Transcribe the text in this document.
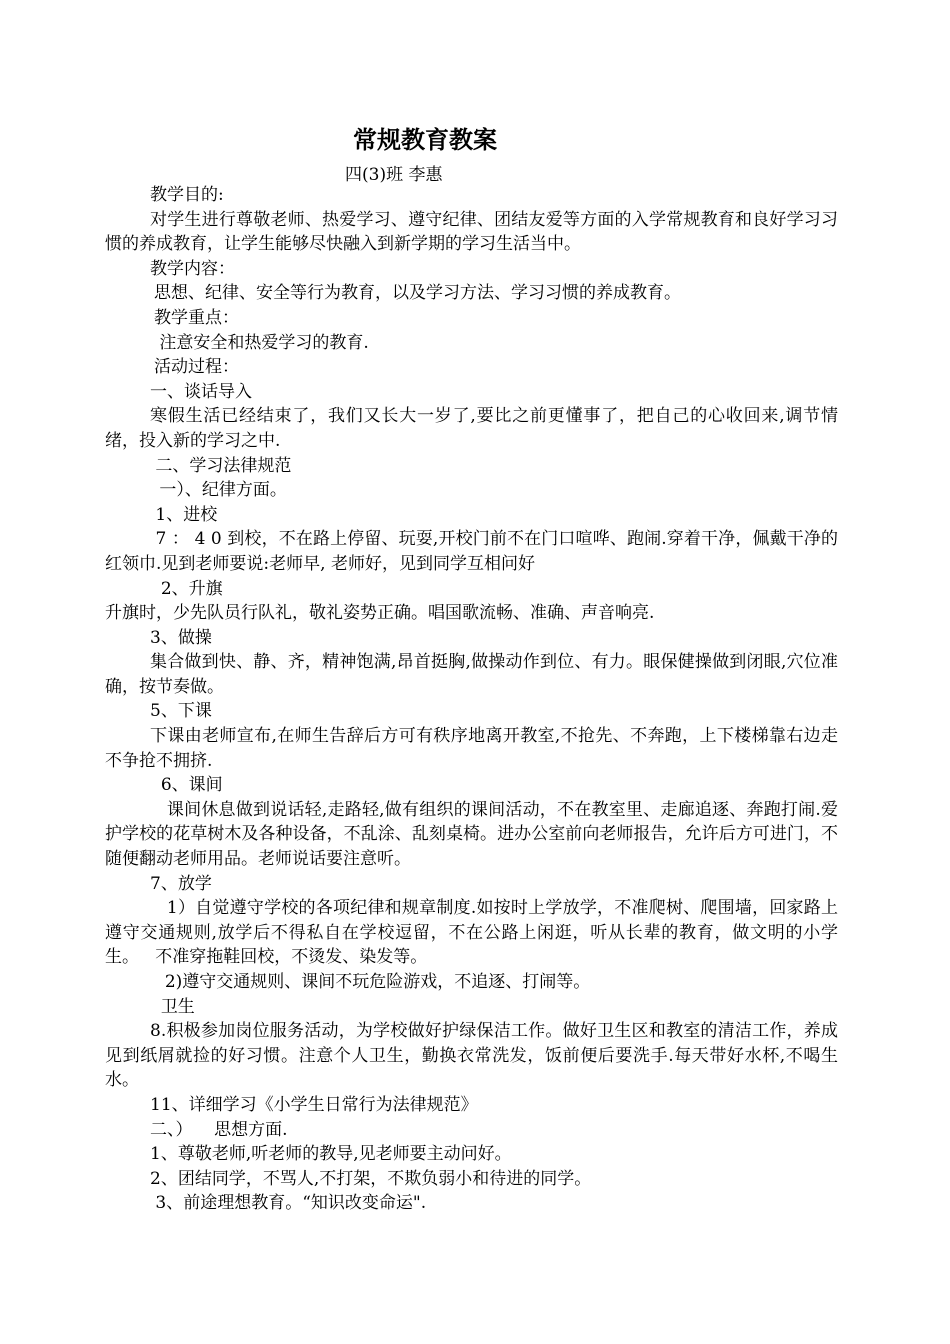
常规教育教案
四(3)班 李惠

教学目的:

对学生进行尊敬老师、热爱学习、遵守纪律、团结友爱等方面的入学常规教育和良好学习习惯的养成教育，让学生能够尽快融入到新学期的学习生活当中。

教学内容：

思想、纪律、安全等行为教育，以及学习方法、学习习惯的养成教育。

教学重点：

注意安全和热爱学习的教育.

活动过程：

一、谈话导入

寒假生活已经结束了，我们又长大一岁了,要比之前更懂事了，把自己的心收回来,调节情绪，投入新的学习之中.

二、学习法律规范

一）、纪律方面。

1、进校

7 ： 4 0 到校，不在路上停留、玩耍,开校门前不在门口喧哗、跑闹.穿着干净，佩戴干净的红领巾.见到老师要说:老师早, 老师好，见到同学互相问好

2、升旗

升旗时，少先队员行队礼，敬礼姿势正确。唱国歌流畅、准确、声音响亮.

3、做操

集合做到快、静、齐，精神饱满,昂首挺胸,做操动作到位、有力。眼保健操做到闭眼,穴位准确，按节奏做。

5、下课

下课由老师宣布,在师生告辞后方可有秩序地离开教室,不抢先、不奔跑，上下楼梯靠右边走不争抢不拥挤.

6、课间

课间休息做到说话轻,走路轻,做有组织的课间活动，不在教室里、走廊追逐、奔跑打闹.爱护学校的花草树木及各种设备，不乱涂、乱刻桌椅。进办公室前向老师报告，允许后方可进门，不随便翻动老师用品。老师说话要注意听。

7、放学

1）自觉遵守学校的各项纪律和规章制度.如按时上学放学，不准爬树、爬围墙，回家路上遵守交通规则,放学后不得私自在学校逗留，不在公路上闲逛，听从长辈的教育，做文明的小学生。   不准穿拖鞋回校，不烫发、染发等。

2)遵守交通规则、课间不玩危险游戏，不追逐、打闹等。

卫生

8.积极参加岗位服务活动，为学校做好护绿保洁工作。做好卫生区和教室的清洁工作，养成见到纸屑就捡的好习惯。注意个人卫生，勤换衣常洗发，饭前便后要洗手.每天带好水杯,不喝生水。

11、详细学习《小学生日常行为法律规范》

二、）    思想方面.

1、尊敬老师,听老师的教导,见老师要主动问好。

2、团结同学，不骂人,不打架，不欺负弱小和待进的同学。

3、前途理想教育。“知识改变命运".
